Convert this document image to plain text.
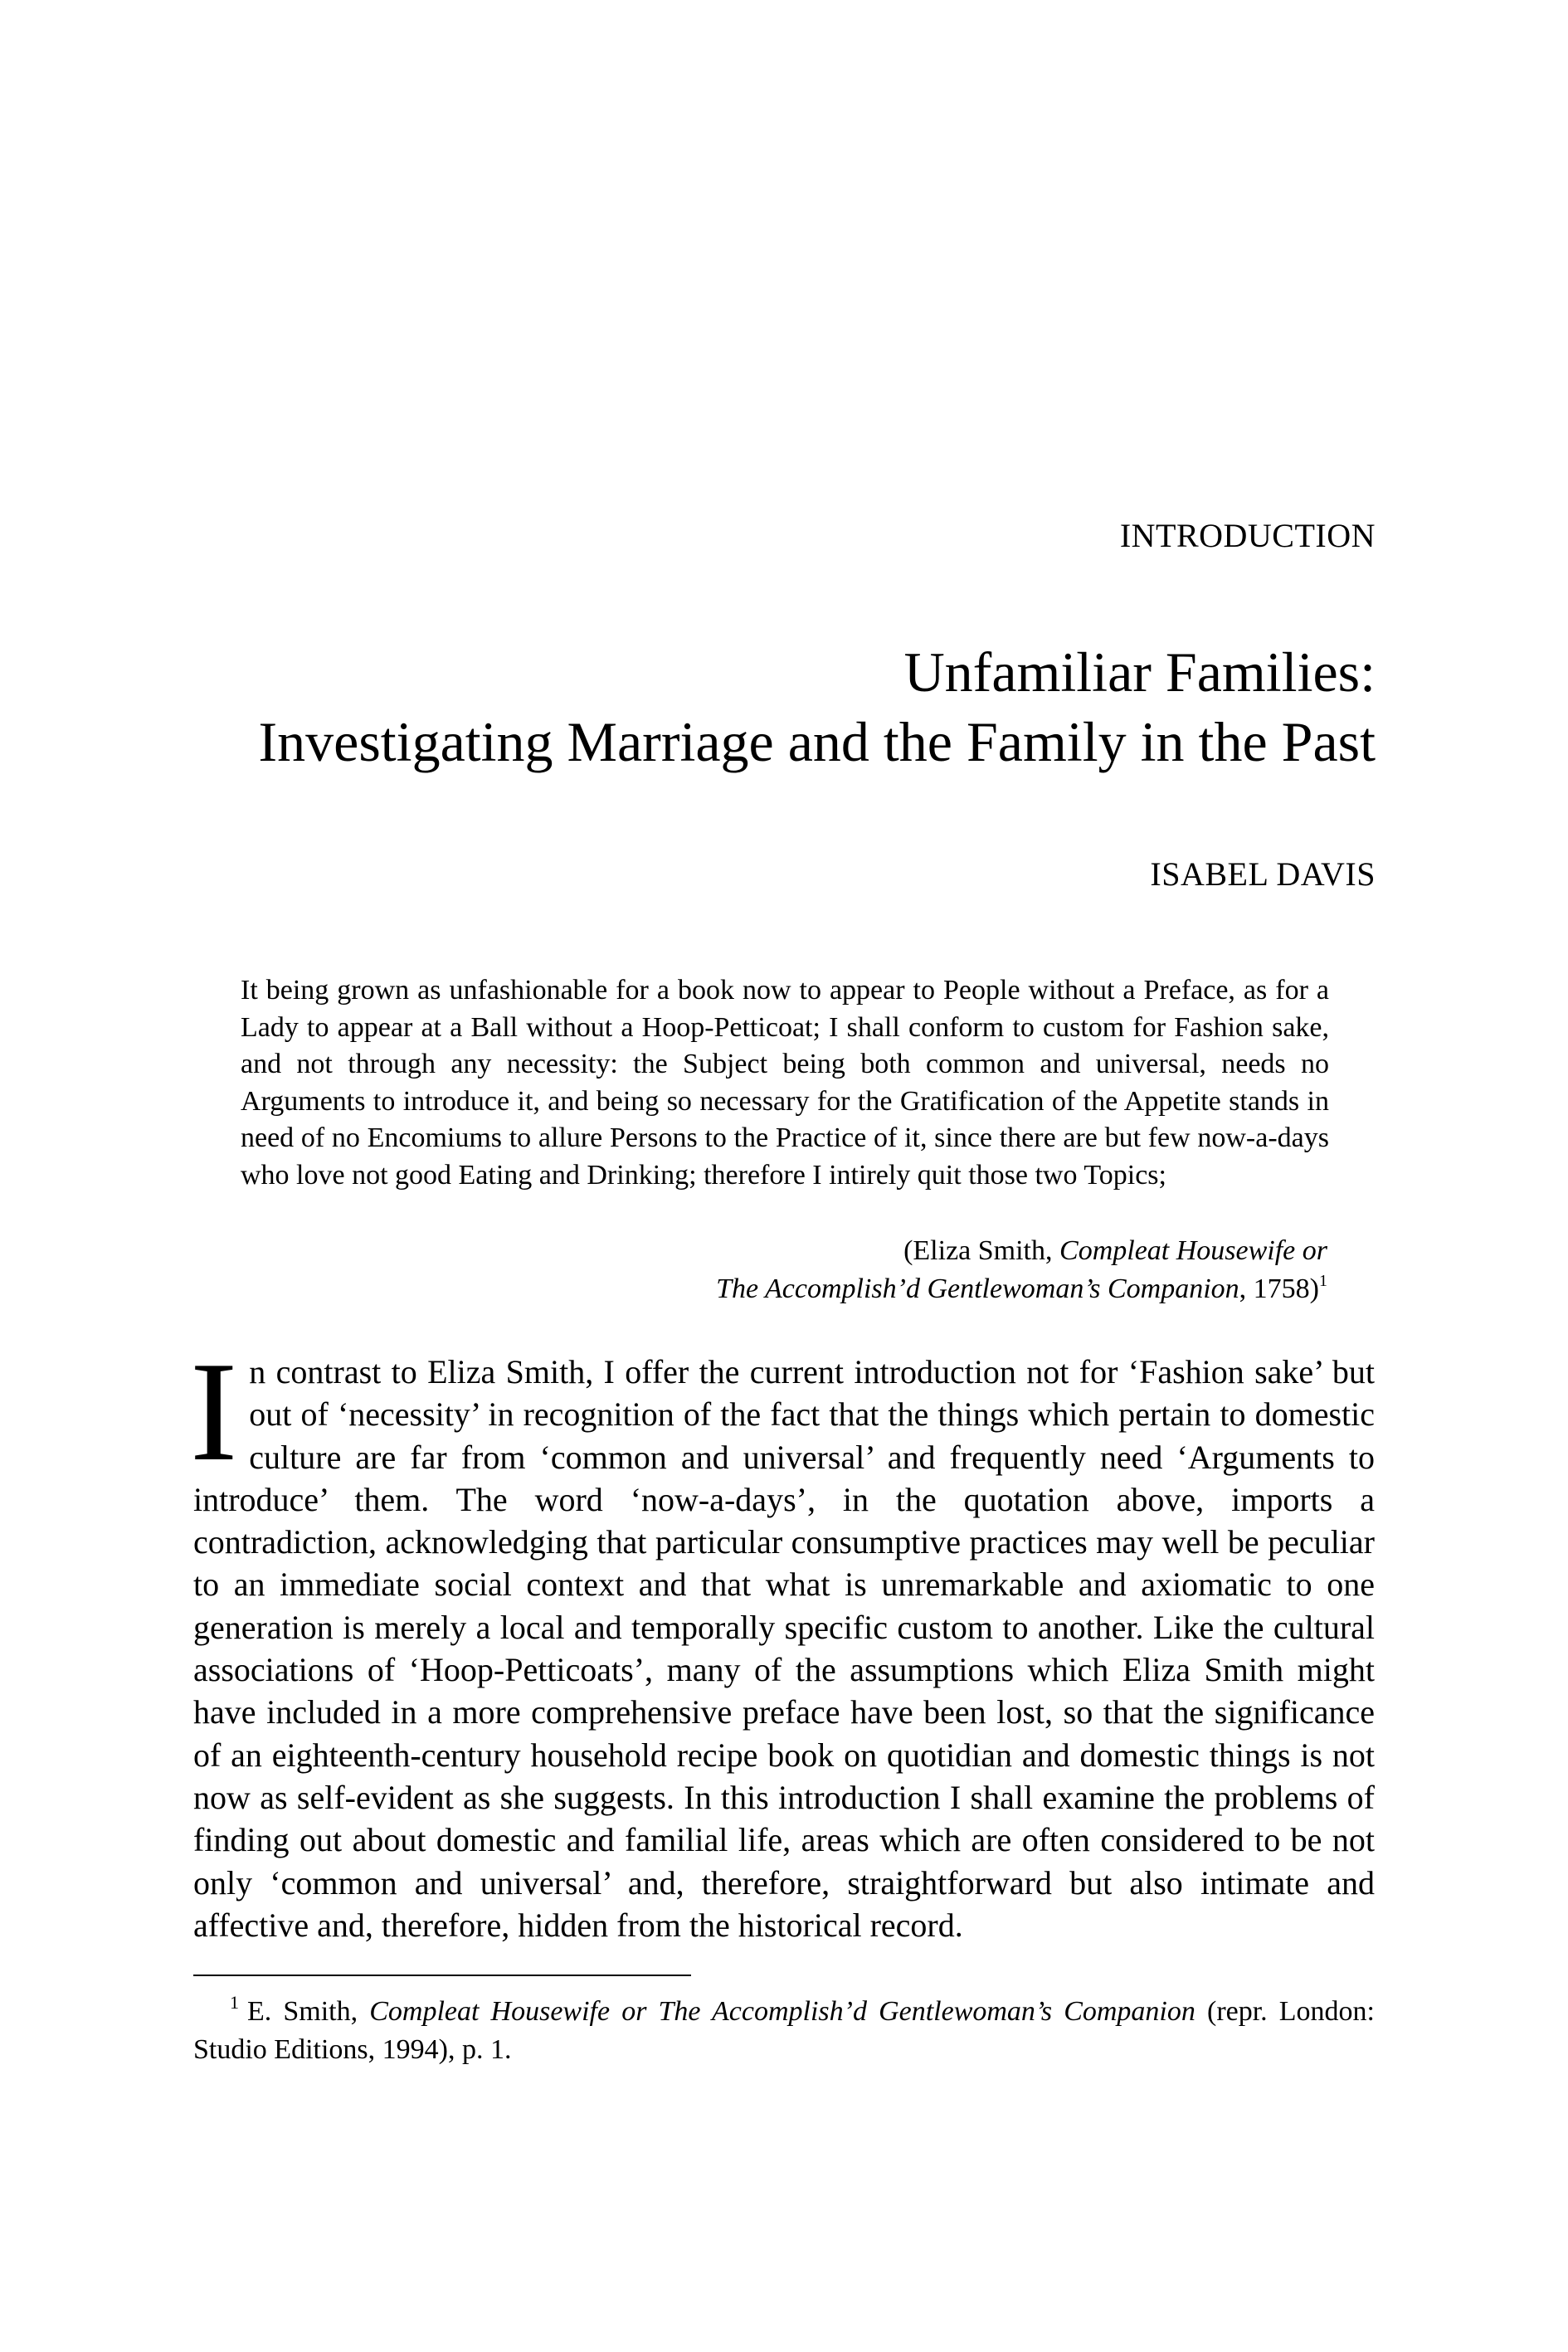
INTRODUCTION
Unfamiliar Families:
Investigating Marriage and the Family in the Past
ISABEL DAVIS

It being grown as unfashionable for a book now to appear to People without a Preface, as for a Lady to appear at a Ball without a Hoop-Petticoat; I shall conform to custom for Fashion sake, and not through any necessity: the Subject being both common and universal, needs no Arguments to introduce it, and being so necessary for the Gratification of the Appetite stands in need of no Encomiums to allure Persons to the Practice of it, since there are but few now-a-days who love not good Eating and Drinking; therefore I intirely quit those two Topics;

(Eliza Smith, Compleat Housewife or
The Accomplish’d Gentlewoman’s Companion, 1758)$^1$

In contrast to Eliza Smith, I offer the current introduction not for ‘Fashion sake’ but out of ‘necessity’ in recognition of the fact that the things which pertain to domestic culture are far from ‘common and universal’ and frequently need ‘Arguments to introduce’ them. The word ‘now-a-days’, in the quotation above, imports a contradiction, acknowledging that particular consumptive practices may well be peculiar to an immediate social context and that what is unremarkable and axiomatic to one generation is merely a local and temporally specific custom to another. Like the cultural associations of ‘Hoop-Petticoats’, many of the assumptions which Eliza Smith might have included in a more comprehensive preface have been lost, so that the significance of an eighteenth-century household recipe book on quotidian and domestic things is not now as self-evident as she suggests. In this introduction I shall examine the problems of finding out about domestic and familial life, areas which are often considered to be not only ‘common and universal’ and, therefore, straightforward but also intimate and affective and, therefore, hidden from the historical record.

$^1$ E. Smith, Compleat Housewife or The Accomplish’d Gentlewoman’s Companion (repr. London: Studio Editions, 1994), p. 1.
